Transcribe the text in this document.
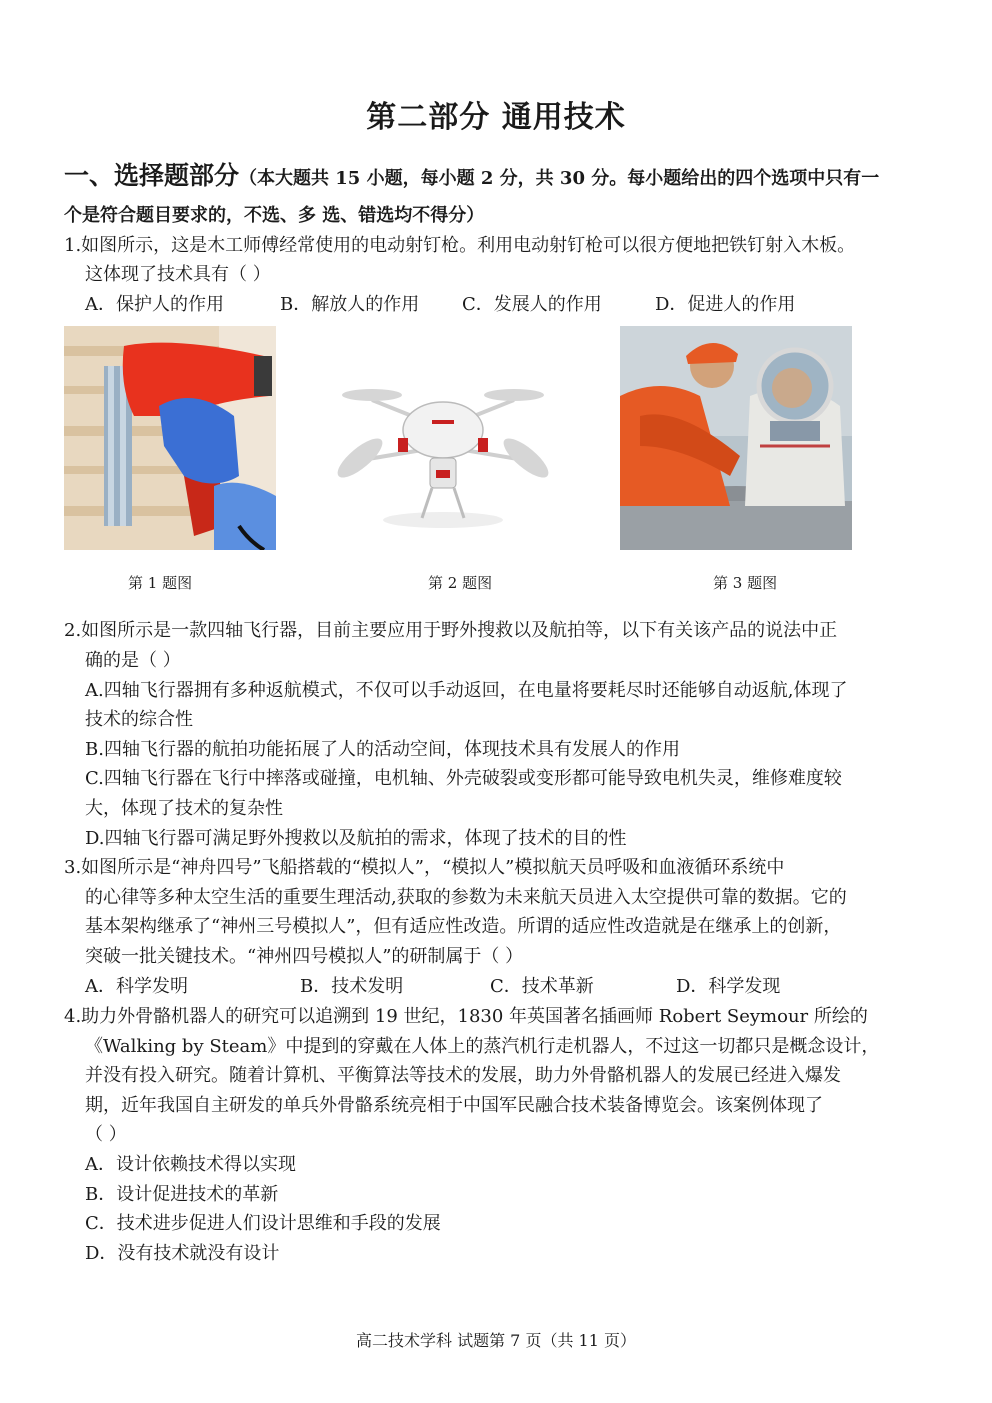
第二部分 通用技术
一、选择题部分（本大题共 15 小题，每小题 2 分，共 30 分。每小题给出的四个选项中只有一
个是符合题目要求的，不选、多 选、错选均不得分）
1.如图所示，这是木工师傅经常使用的电动射钉枪。利用电动射钉枪可以很方便地把铁钉射入木板。
这体现了技术具有（ ）
A．保护人的作用	B．解放人的作用 C．发展人的作用	D．促进人的作用
第 1 题图	第 2 题图	第 3 题图
2.如图所示是一款四轴飞行器，目前主要应用于野外搜救以及航拍等，以下有关该产品的说法中正
确的是（ ）
A.四轴飞行器拥有多种返航模式，不仅可以手动返回，在电量将要耗尽时还能够自动返航,体现了
技术的综合性
B.四轴飞行器的航拍功能拓展了人的活动空间，体现技术具有发展人的作用
C.四轴飞行器在飞行中摔落或碰撞，电机轴、外壳破裂或变形都可能导致电机失灵，维修难度较
大，体现了技术的复杂性
D.四轴飞行器可满足野外搜救以及航拍的需求，体现了技术的目的性
3.如图所示是“神舟四号”飞船搭载的“模拟人”，“模拟人”模拟航天员呼吸和血液循环系统中
的心律等多种太空生活的重要生理活动,获取的参数为未来航天员进入太空提供可靠的数据。它的
基本架构继承了“神州三号模拟人”，但有适应性改造。所谓的适应性改造就是在继承上的创新，
突破一批关键技术。“神州四号模拟人”的研制属于（ ）
A．科学发明	B．技术发明	C．技术革新	D．科学发现
4.助力外骨骼机器人的研究可以追溯到 19 世纪，1830 年英国著名插画师 Robert Seymour 所绘的
《Walking by Steam》中提到的穿戴在人体上的蒸汽机行走机器人，不过这一切都只是概念设计，
并没有投入研究。随着计算机、平衡算法等技术的发展，助力外骨骼机器人的发展已经进入爆发
期，近年我国自主研发的单兵外骨骼系统亮相于中国军民融合技术装备博览会。该案例体现了
（ ）
A．设计依赖技术得以实现
B．设计促进技术的革新
C．技术进步促进人们设计思维和手段的发展
D．没有技术就没有设计
高二技术学科 试题第 7 页（共 11 页）
